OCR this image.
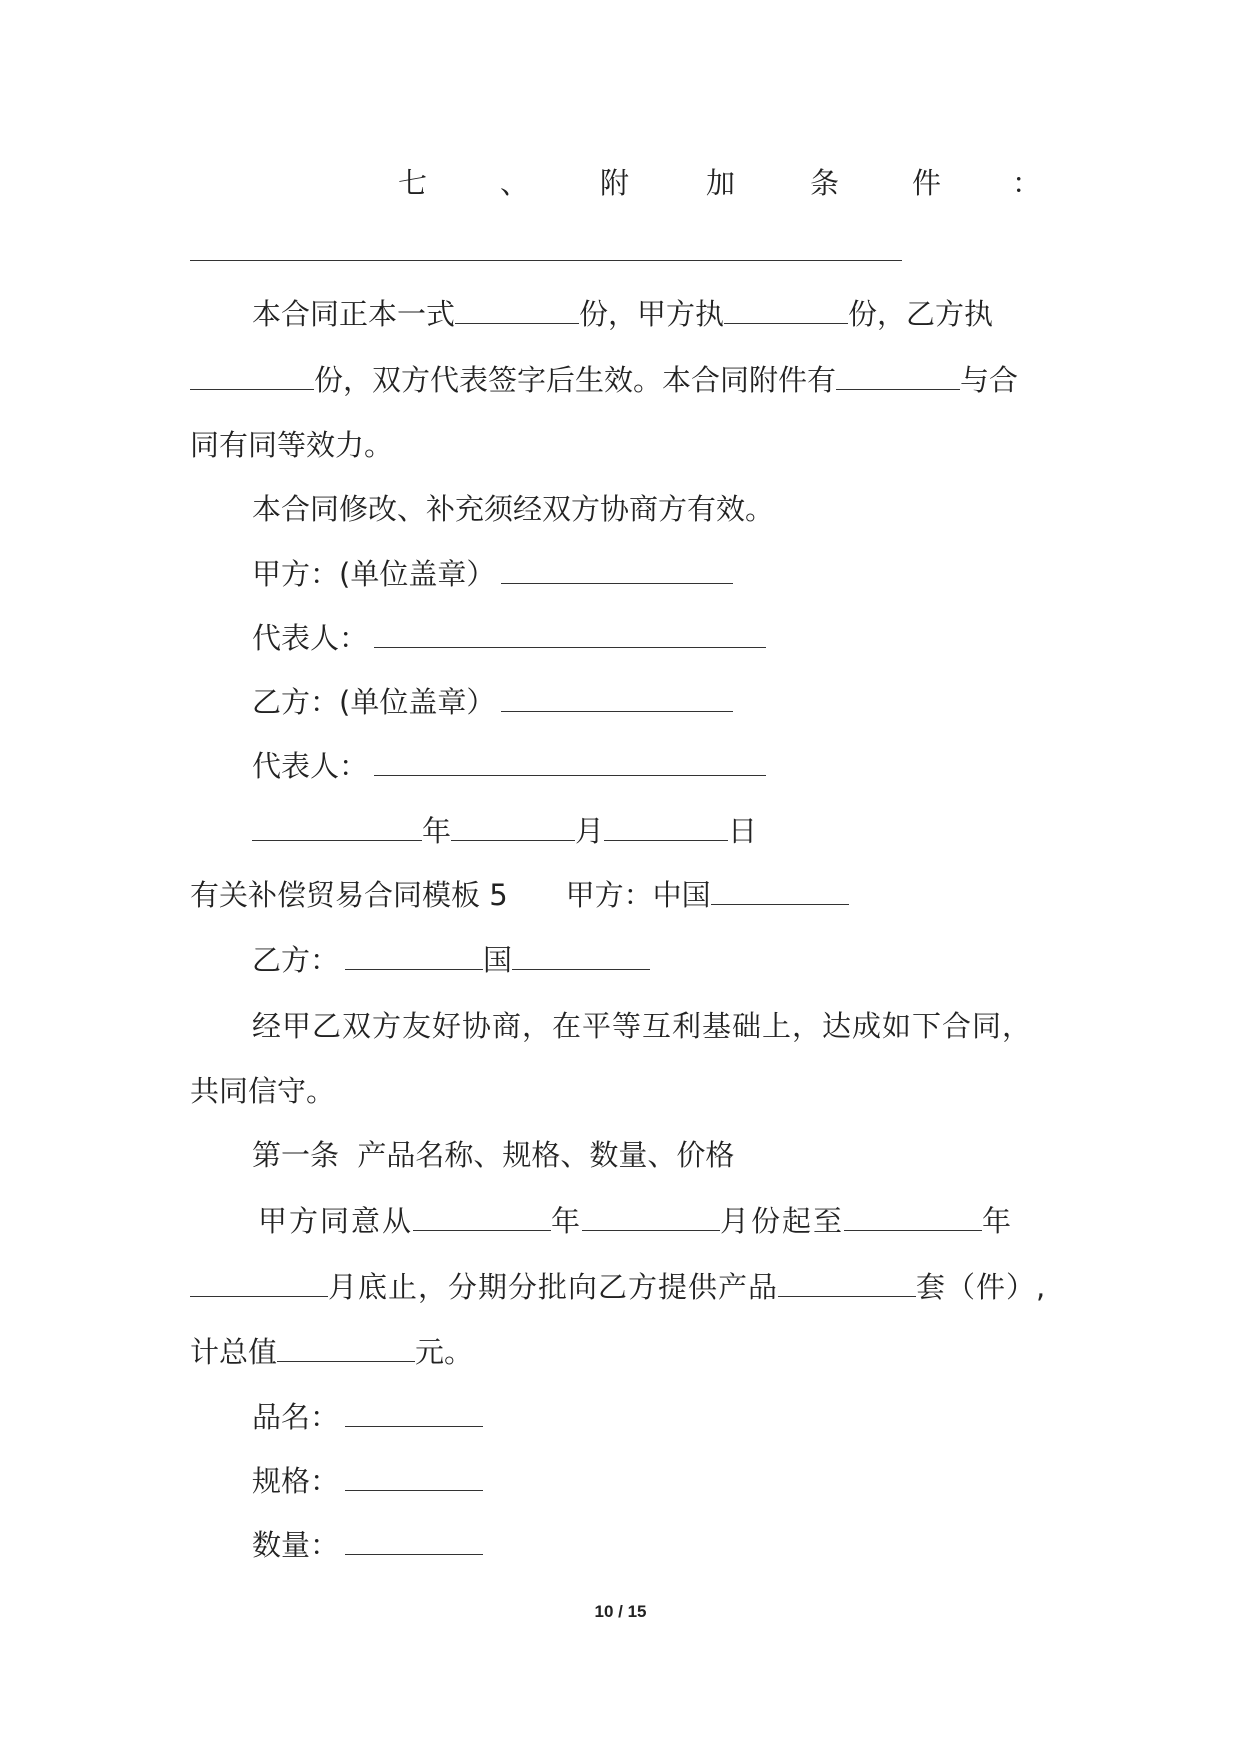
七	、 附	加	条	件 ：
本合同正本一式	份，甲方执	份，乙方执
份，双方代表签字后生效。本合同附件有	与合
同有同等效力。
本合同修改、补充须经双方协商方有效。
甲方：(单位盖章）
代表人：
乙方：(单位盖章）
代表人：
年	月	日
有关补偿贸易合同模板 5 甲方：中国
乙方：	国
经甲乙双方友好协商，在平等互利基础上，达成如下合同，
共同信守。
第一条  产品名称、规格、数量、价格
甲方同意从	年	月份起至	年
月底止，分期分批向乙方提供产品	套（件）,
计总值	元。
品名：
规格：
数量：
10 / 15
